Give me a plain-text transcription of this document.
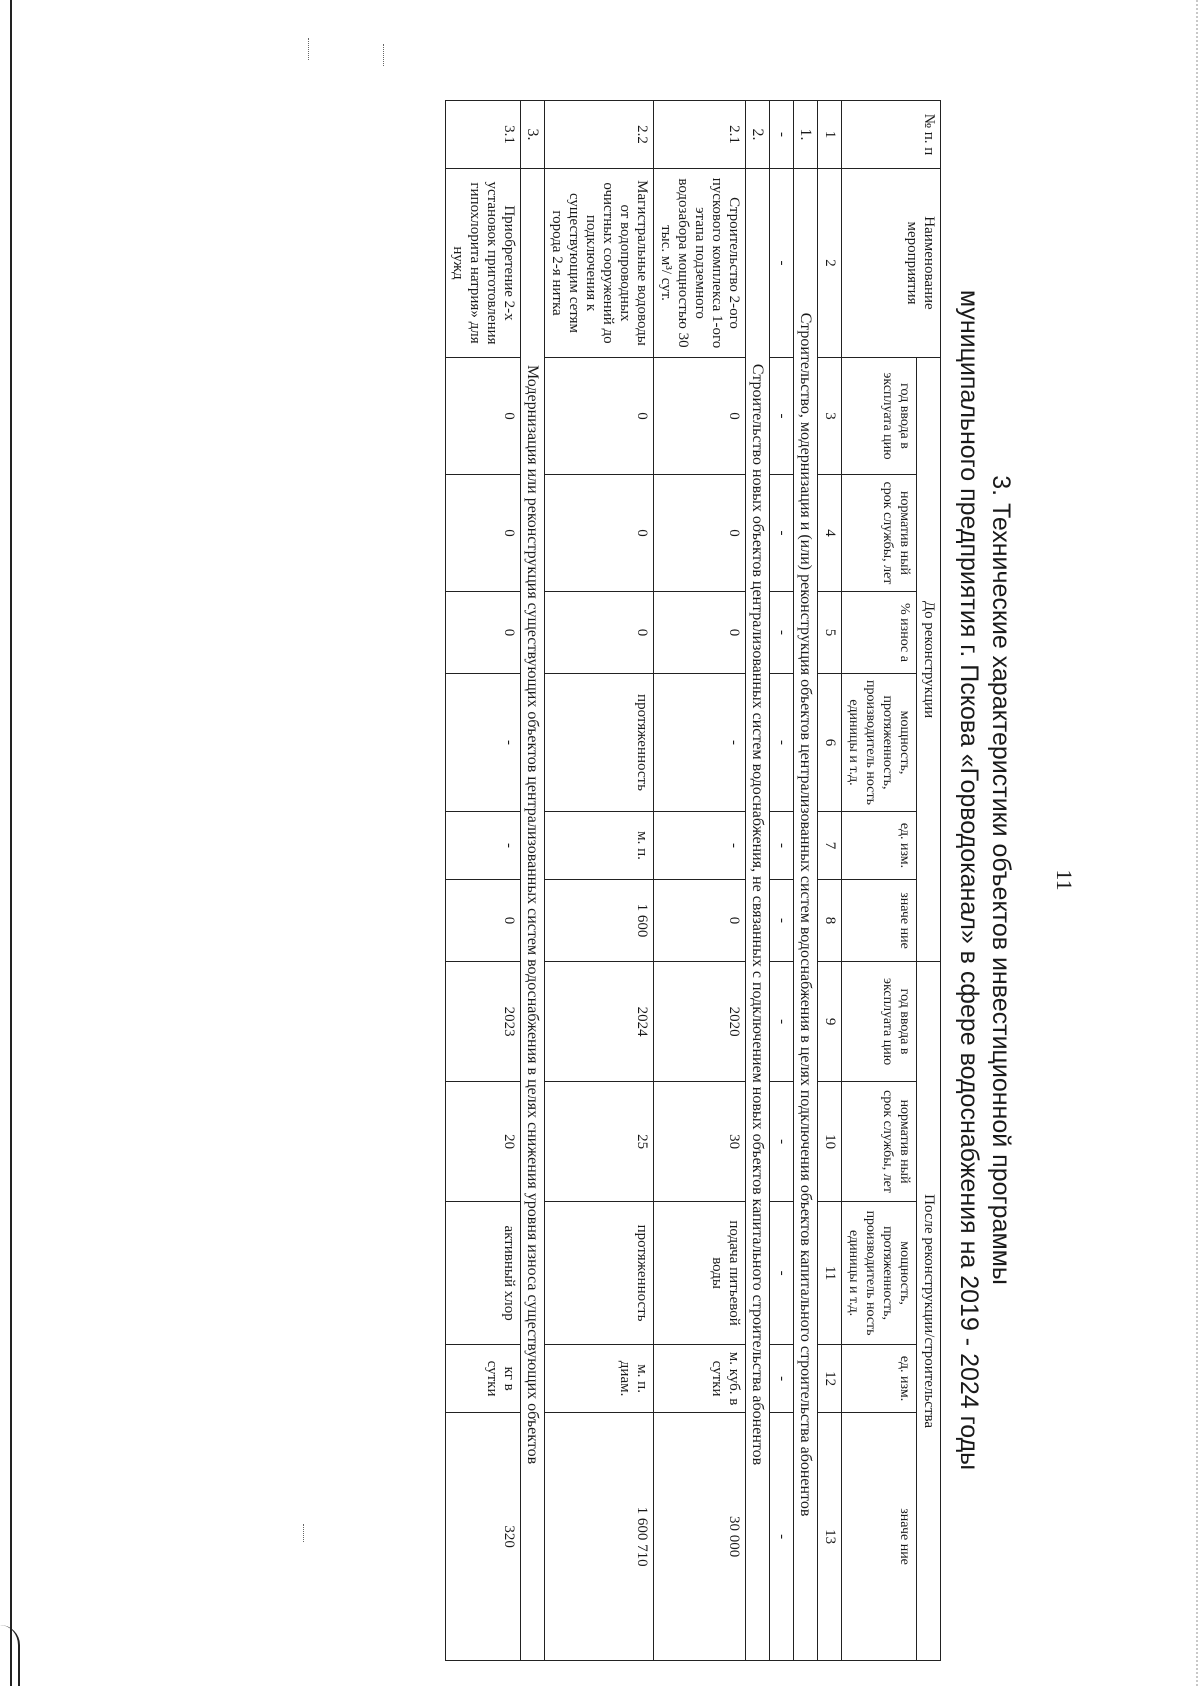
11
3. Технические характеристики объектов инвестиционной программы
муниципального предприятия г. Пскова «Горводоканал» в сфере водоснабжения на 2019 - 2024 годы
№ п. п	Наименование мероприятия	До реконструкции						После реконструкции/строительства				
		год ввода в эксплуата цию	норматив ный срок службы, лет	% износ а	мощность, протяженность, производитель ность единицы и т.д.	ед. изм.	значе ние	год ввода в эксплуата цию	норматив ный срок службы, лет	мощность, протяженность, производитель ность единицы и т.д.	ед. изм.	значе ние
1	2	3	4	5	6	7	8	9	10	11	12	13
1.	Строительство, модернизация и (или) реконструкция объектов централизованных систем водоснабжения в целях подключения объектов капитального строительства абонентов											
-	-	-	-	-	-	-	-	-	-	-	-	-
2.	Строительство новых объектов централизованных систем водоснабжения, не связанных с подключением новых объектов капитального строительства абонентов											
2.1	Строительство 2-ого пускового комплекса 1-ого этапа подземного водозабора мощностью 30 тыс. м³/ сут.	0	0	0	-	-	0	2020	30	подача питьевой воды	м. куб. в сутки	30 000
2.2	Магистральные водоводы от водопроводных очистных сооружений до подключения к существующим сетям города 2-я нитка	0	0	0	протяженность	м. п.	1 600	2024	25	протяженность	м. п. диам.	1 600 710
3.	Модернизация или реконструкция существующих объектов централизованных систем водоснабжения в целях снижения уровня износа существующих объектов											
3.1	Приобретение 2-х установок приготовления гипохлорита натрия» для нужд	0	0	0	-	-	0	2023	20	активный хлор	кг в сутки	320
